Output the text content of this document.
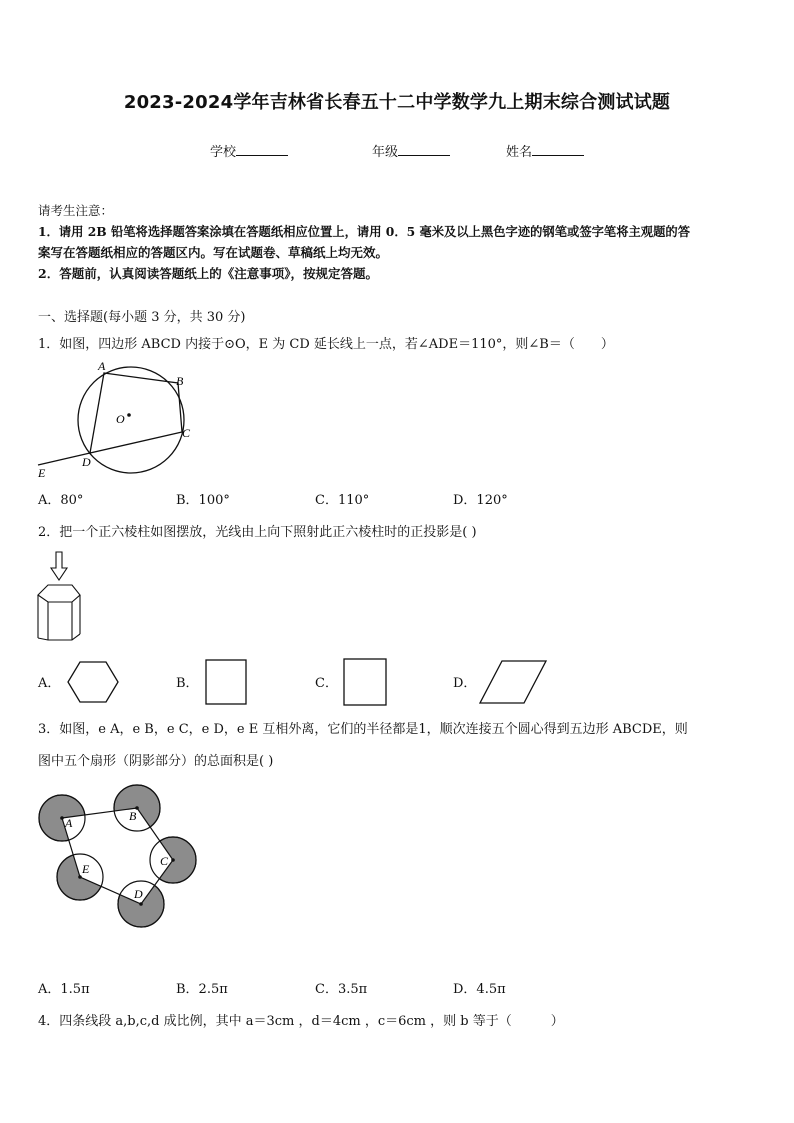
2023-2024学年吉林省长春五十二中学数学九上期末综合测试试题
学校	年级	姓名
请考生注意：
1．请用 2B 铅笔将选择题答案涂填在答题纸相应位置上，请用 0．5 毫米及以上黑色字迹的钢笔或签字笔将主观题的答
案写在答题纸相应的答题区内。写在试题卷、草稿纸上均无效。
2．答题前，认真阅读答题纸上的《注意事项》，按规定答题。
一、选择题(每小题 3 分，共 30 分)
1．如图，四边形 ABCD 内接于⊙O，E 为 CD 延长线上一点，若∠ADE＝110°，则∠B＝（　　）
A
B
C
D
E
O
A．80°	B．100°	C．110°	D．120°
2．把一个正六棱柱如图摆放，光线由上向下照射此正六棱柱时的正投影是( )
A．	B．	C．	D．
3．如图，e A，e B，e C，e D，e E 互相外离，它们的半径都是1，顺次连接五个圆心得到五边形 ABCDE，则
图中五个扇形（阴影部分）的总面积是( )
A	B
C
D
E
A．1.5π	B．2.5π	C．3.5π	D．4.5π
4．四条线段 a,b,c,d 成比例，其中 a＝3cm ，d＝4cm ，c＝6cm ，则 b 等于（　　　）
